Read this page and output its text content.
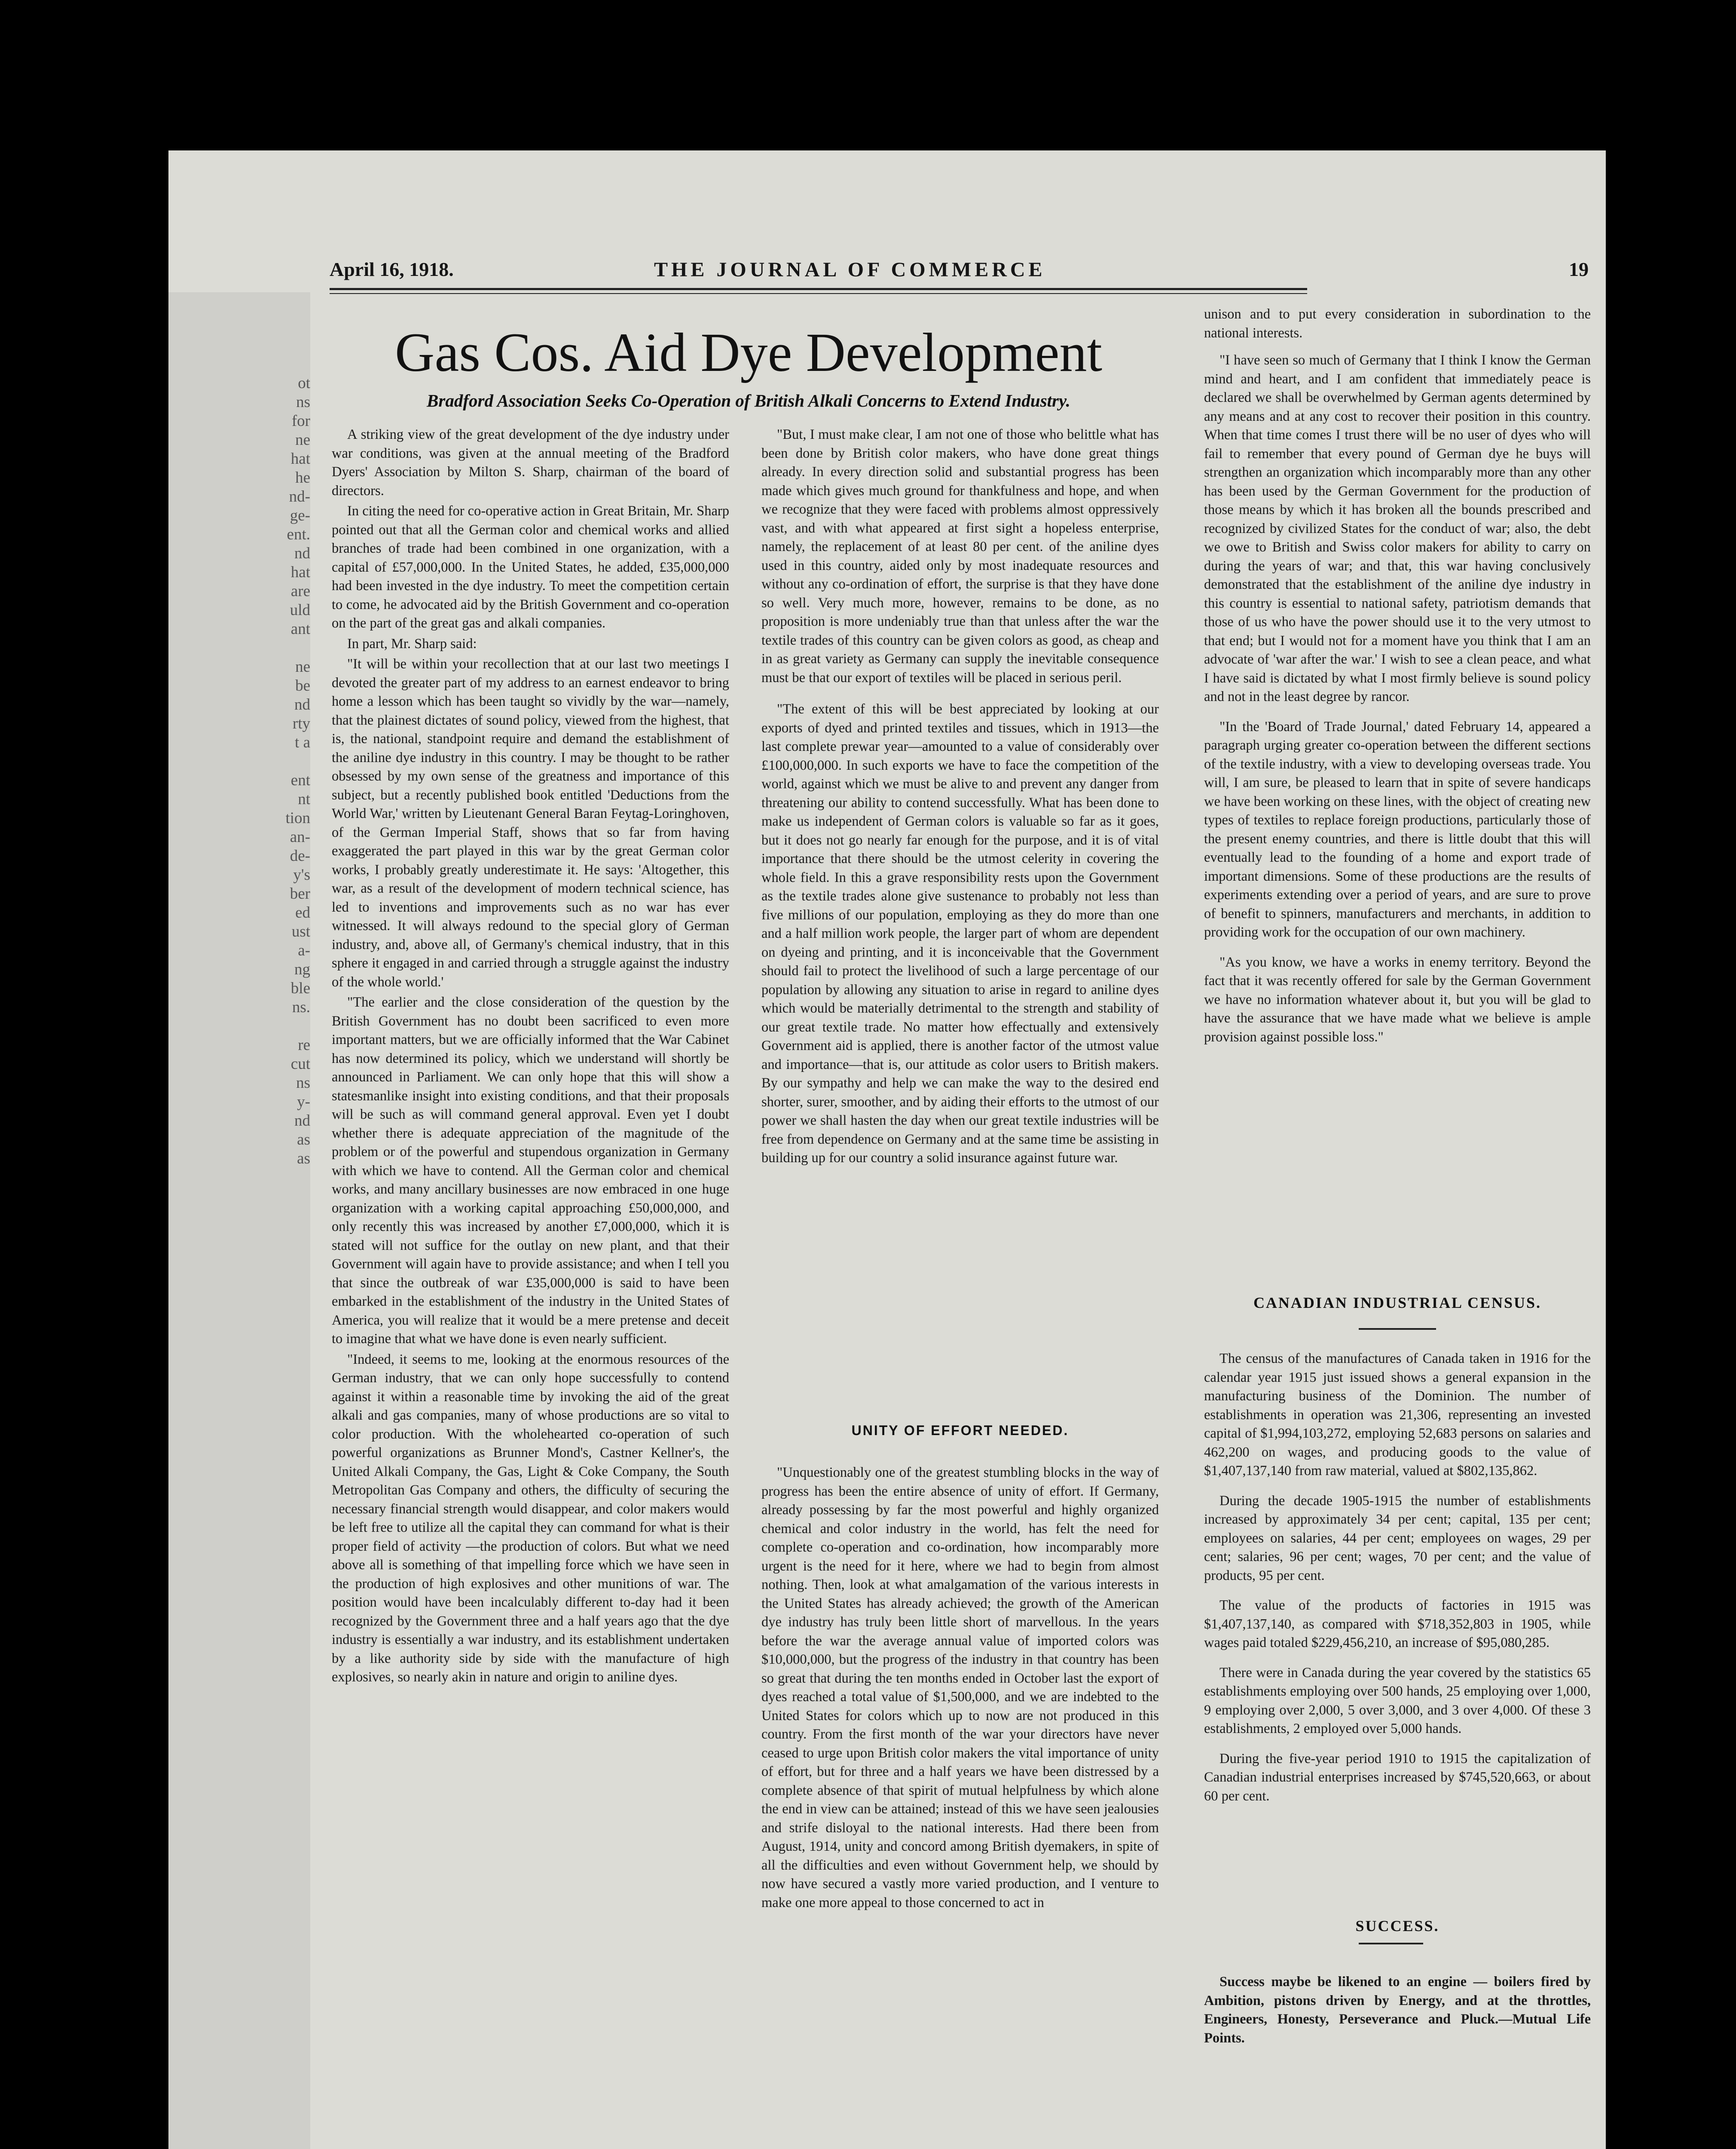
ot
ns
for
ne
hat
he
nd-
ge-
ent.
nd
hat
are
uld
ant

ne
be
nd
rty
t a

ent
nt
tion
an-
de-
y's
ber
ed
ust
a-
ng
ble
ns.

re
cut
ns
y-
nd
as
as
April 16, 1918.	THE JOURNAL OF COMMERCE	19
Gas Cos. Aid Dye Development
Bradford Association Seeks Co-Operation of British Alkali Concerns to Extend Industry.

A striking view of the great development of the dye industry under war conditions, was given at the annual meeting of the Bradford Dyers' Association by Milton S. Sharp, chairman of the board of directors.

In citing the need for co-operative action in Great Britain, Mr. Sharp pointed out that all the German color and chemical works and allied branches of trade had been combined in one organization, with a capital of £57,000,000. In the United States, he added, £35,000,000 had been invested in the dye industry. To meet the competition certain to come, he advocated aid by the British Government and co-operation on the part of the great gas and alkali companies.

In part, Mr. Sharp said:

"It will be within your recollection that at our last two meetings I devoted the greater part of my address to an earnest endeavor to bring home a lesson which has been taught so vividly by the war—namely, that the plainest dictates of sound policy, viewed from the highest, that is, the national, standpoint require and demand the establishment of the aniline dye industry in this country. I may be thought to be rather obsessed by my own sense of the greatness and importance of this subject, but a recently published book entitled 'Deductions from the World War,' written by Lieutenant General Baran Feytag-Loringhoven, of the German Imperial Staff, shows that so far from having exaggerated the part played in this war by the great German color works, I probably greatly underestimate it. He says: 'Altogether, this war, as a result of the development of modern technical science, has led to inventions and improvements such as no war has ever witnessed. It will always redound to the special glory of German industry, and, above all, of Germany's chemical industry, that in this sphere it engaged in and carried through a struggle against the industry of the whole world.'

"The earlier and the close consideration of the question by the British Government has no doubt been sacrificed to even more important matters, but we are officially informed that the War Cabinet has now determined its policy, which we understand will shortly be announced in Parliament. We can only hope that this will show a statesmanlike insight into existing conditions, and that their proposals will be such as will command general approval. Even yet I doubt whether there is adequate appreciation of the magnitude of the problem or of the powerful and stupendous organization in Germany with which we have to contend. All the German color and chemical works, and many ancillary businesses are now embraced in one huge organization with a working capital approaching £50,000,000, and only recently this was increased by another £7,000,000, which it is stated will not suffice for the outlay on new plant, and that their Government will again have to provide assistance; and when I tell you that since the outbreak of war £35,000,000 is said to have been embarked in the establishment of the industry in the United States of America, you will realize that it would be a mere pretense and deceit to imagine that what we have done is even nearly sufficient.

"Indeed, it seems to me, looking at the enormous resources of the German industry, that we can only hope successfully to contend against it within a reasonable time by invoking the aid of the great alkali and gas companies, many of whose productions are so vital to color production. With the wholehearted co-operation of such powerful organizations as Brunner Mond's, Castner Kellner's, the United Alkali Company, the Gas, Light & Coke Company, the South Metropolitan Gas Company and others, the difficulty of securing the necessary financial strength would disappear, and color makers would be left free to utilize all the capital they can command for what is their proper field of activity —the production of colors. But what we need above all is something of that impelling force which we have seen in the production of high explosives and other munitions of war. The position would have been incalculably different to-day had it been recognized by the Government three and a half years ago that the dye industry is essentially a war industry, and its establishment undertaken by a like authority side by side with the manufacture of high explosives, so nearly akin in nature and origin to aniline dyes.

"But, I must make clear, I am not one of those who belittle what has been done by British color makers, who have done great things already. In every direction solid and substantial progress has been made which gives much ground for thankfulness and hope, and when we recognize that they were faced with problems almost oppressively vast, and with what appeared at first sight a hopeless enterprise, namely, the replacement of at least 80 per cent. of the aniline dyes used in this country, aided only by most inadequate resources and without any co-ordination of effort, the surprise is that they have done so well. Very much more, however, remains to be done, as no proposition is more undeniably true than that unless after the war the textile trades of this country can be given colors as good, as cheap and in as great variety as Germany can supply the inevitable consequence must be that our export of textiles will be placed in serious peril.

"The extent of this will be best appreciated by looking at our exports of dyed and printed textiles and tissues, which in 1913—the last complete prewar year—amounted to a value of considerably over £100,000,000. In such exports we have to face the competition of the world, against which we must be alive to and prevent any danger from threatening our ability to contend successfully. What has been done to make us independent of German colors is valuable so far as it goes, but it does not go nearly far enough for the purpose, and it is of vital importance that there should be the utmost celerity in covering the whole field. In this a grave responsibility rests upon the Government as the textile trades alone give sustenance to probably not less than five millions of our population, employing as they do more than one and a half million work people, the larger part of whom are dependent on dyeing and printing, and it is inconceivable that the Government should fail to protect the livelihood of such a large percentage of our population by allowing any situation to arise in regard to aniline dyes which would be materially detrimental to the strength and stability of our great textile trade. No matter how effectually and extensively Government aid is applied, there is another factor of the utmost value and importance—that is, our attitude as color users to British makers. By our sympathy and help we can make the way to the desired end shorter, surer, smoother, and by aiding their efforts to the utmost of our power we shall hasten the day when our great textile industries will be free from dependence on Germany and at the same time be assisting in building up for our country a solid insurance against future war.

UNITY OF EFFORT NEEDED.

"Unquestionably one of the greatest stumbling blocks in the way of progress has been the entire absence of unity of effort. If Germany, already possessing by far the most powerful and highly organized chemical and color industry in the world, has felt the need for complete co-operation and co-ordination, how incomparably more urgent is the need for it here, where we had to begin from almost nothing. Then, look at what amalgamation of the various interests in the United States has already achieved; the growth of the American dye industry has truly been little short of marvellous. In the years before the war the average annual value of imported colors was $10,000,000, but the progress of the industry in that country has been so great that during the ten months ended in October last the export of dyes reached a total value of $1,500,000, and we are indebted to the United States for colors which up to now are not produced in this country. From the first month of the war your directors have never ceased to urge upon British color makers the vital importance of unity of effort, but for three and a half years we have been distressed by a complete absence of that spirit of mutual helpfulness by which alone the end in view can be attained; instead of this we have seen jealousies and strife disloyal to the national interests. Had there been from August, 1914, unity and concord among British dyemakers, in spite of all the difficulties and even without Government help, we should by now have secured a vastly more varied production, and I venture to make one more appeal to those concerned to act in

unison and to put every consideration in subordination to the national interests.

"I have seen so much of Germany that I think I know the German mind and heart, and I am confident that immediately peace is declared we shall be overwhelmed by German agents determined by any means and at any cost to recover their position in this country. When that time comes I trust there will be no user of dyes who will fail to remember that every pound of German dye he buys will strengthen an organization which incomparably more than any other has been used by the German Government for the production of those means by which it has broken all the bounds prescribed and recognized by civilized States for the conduct of war; also, the debt we owe to British and Swiss color makers for ability to carry on during the years of war; and that, this war having conclusively demonstrated that the establishment of the aniline dye industry in this country is essential to national safety, patriotism demands that those of us who have the power should use it to the very utmost to that end; but I would not for a moment have you think that I am an advocate of 'war after the war.' I wish to see a clean peace, and what I have said is dictated by what I most firmly believe is sound policy and not in the least degree by rancor.

"In the 'Board of Trade Journal,' dated February 14, appeared a paragraph urging greater co-operation between the different sections of the textile industry, with a view to developing overseas trade. You will, I am sure, be pleased to learn that in spite of severe handicaps we have been working on these lines, with the object of creating new types of textiles to replace foreign productions, particularly those of the present enemy countries, and there is little doubt that this will eventually lead to the founding of a home and export trade of important dimensions. Some of these productions are the results of experiments extending over a period of years, and are sure to prove of benefit to spinners, manufacturers and merchants, in addition to providing work for the occupation of our own machinery.

"As you know, we have a works in enemy territory. Beyond the fact that it was recently offered for sale by the German Government we have no information whatever about it, but you will be glad to have the assurance that we have made what we believe is ample provision against possible loss."

CANADIAN INDUSTRIAL CENSUS.

The census of the manufactures of Canada taken in 1916 for the calendar year 1915 just issued shows a general expansion in the manufacturing business of the Dominion. The number of establishments in operation was 21,306, representing an invested capital of $1,994,103,272, employing 52,683 persons on salaries and 462,200 on wages, and producing goods to the value of $1,407,137,140 from raw material, valued at $802,135,862.

During the decade 1905-1915 the number of establishments increased by approximately 34 per cent; capital, 135 per cent; employees on salaries, 44 per cent; employees on wages, 29 per cent; salaries, 96 per cent; wages, 70 per cent; and the value of products, 95 per cent.

The value of the products of factories in 1915 was $1,407,137,140, as compared with $718,352,803 in 1905, while wages paid totaled $229,456,210, an increase of $95,080,285.

There were in Canada during the year covered by the statistics 65 establishments employing over 500 hands, 25 employing over 1,000, 9 employing over 2,000, 5 over 3,000, and 3 over 4,000. Of these 3 establishments, 2 employed over 5,000 hands.

During the five-year period 1910 to 1915 the capitalization of Canadian industrial enterprises increased by $745,520,663, or about 60 per cent.

SUCCESS.

Success maybe be likened to an engine — boilers fired by Ambition, pistons driven by Energy, and at the throttles, Engineers, Honesty, Perseverance and Pluck.—Mutual Life Points.
